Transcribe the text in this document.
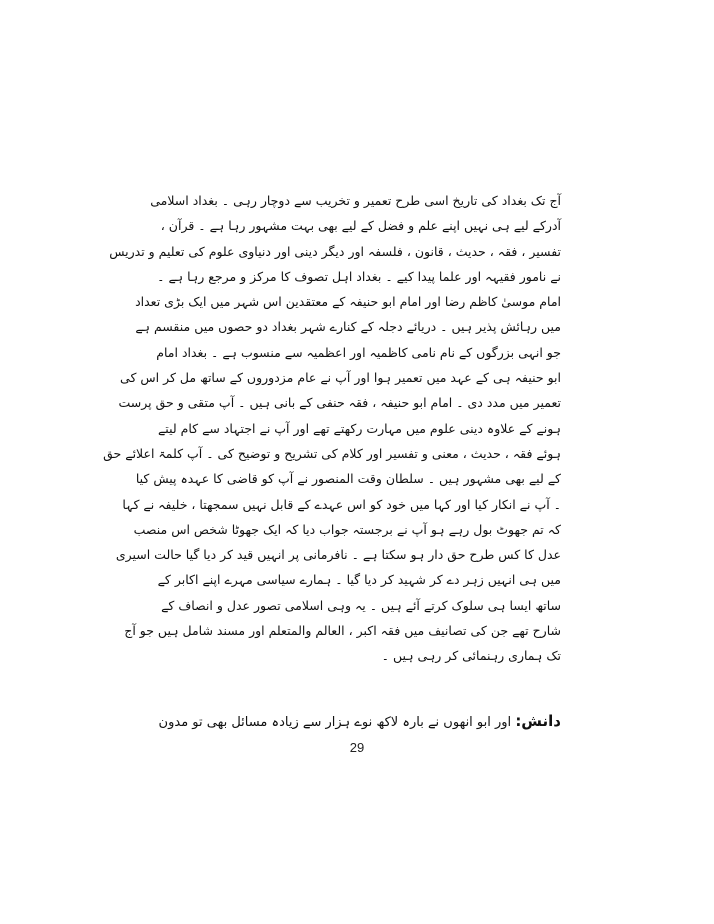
آج تک بغداد کی تاریخ اسی طرح تعمیر و تخریب سے دوچار رہی ۔ بغداد اسلامی
آدرکے لیے ہی نہیں اپنے علم و فضل کے لیے بھی بہت مشہور رہا ہے ۔ قرآن ،
تفسیر ، فقہ ، حدیث ، قانون ، فلسفہ اور دیگر دینی اور دنیاوی علوم کی تعلیم و تدریس
نے نامور فقیہہ اور علما پیدا کیے ۔ بغداد اہل تصوف کا مرکز و مرجع رہا ہے ۔
امام موسیٰ کاظم رضا اور امام ابو حنیفہ کے معتقدین اس شہر میں ایک بڑی تعداد
میں رہائش پذیر ہیں ۔ دریائے دجلہ کے کنارے شہر بغداد دو حصوں میں منقسم ہے
جو انہی بزرگوں کے نام نامی کاظمیہ اور اعظمیہ سے منسوب ہے ۔ بغداد امام
ابو حنیفہ ہی کے عہد میں تعمیر ہوا اور آپ نے عام مزدوروں کے ساتھ مل کر اس کی
تعمیر میں مدد دی ۔ امام ابو حنیفہ ، فقہ حنفی کے بانی ہیں ۔ آپ متقی و حق پرست
ہونے کے علاوہ دینی علوم میں مہارت رکھتے تھے اور آپ نے اجتہاد سے کام لیتے
ہوئے فقہ ، حدیث ، معنی و تفسیر اور کلام کی تشریح و توضیح کی ۔ آپ کلمۃ اعلائے حق
کے لیے بھی مشہور ہیں ۔ سلطان وقت المنصور نے آپ کو قاضی کا عہدہ پیش کیا
۔ آپ نے انکار کیا اور کہا میں خود کو اس عہدے کے قابل نہیں سمجھتا ، خلیفہ نے کہا
کہ تم جھوٹ بول رہے ہو آپ نے برجستہ جواب دیا کہ ایک جھوٹا شخص اس منصب
عدل کا کس طرح حق دار ہو سکتا ہے ۔ نافرمانی پر انہیں قید کر دیا گیا حالت اسیری
میں ہی انہیں زہر دے کر شہید کر دیا گیا ۔ ہمارے سیاسی مہرے اپنے اکابر کے
ساتھ ایسا ہی سلوک کرتے آئے ہیں ۔ یہ وہی اسلامی تصور عدل و انصاف کے
شارح تھے جن کی تصانیف میں فقہ اکبر ، العالم والمتعلم اور مسند شامل ہیں جو آج
تک ہماری رہنمائی کر رہی ہیں ۔
دانش: اور ابو انھوں نے بارہ لاکھ نوے ہزار سے زیادہ مسائل بھی تو مدون
29
